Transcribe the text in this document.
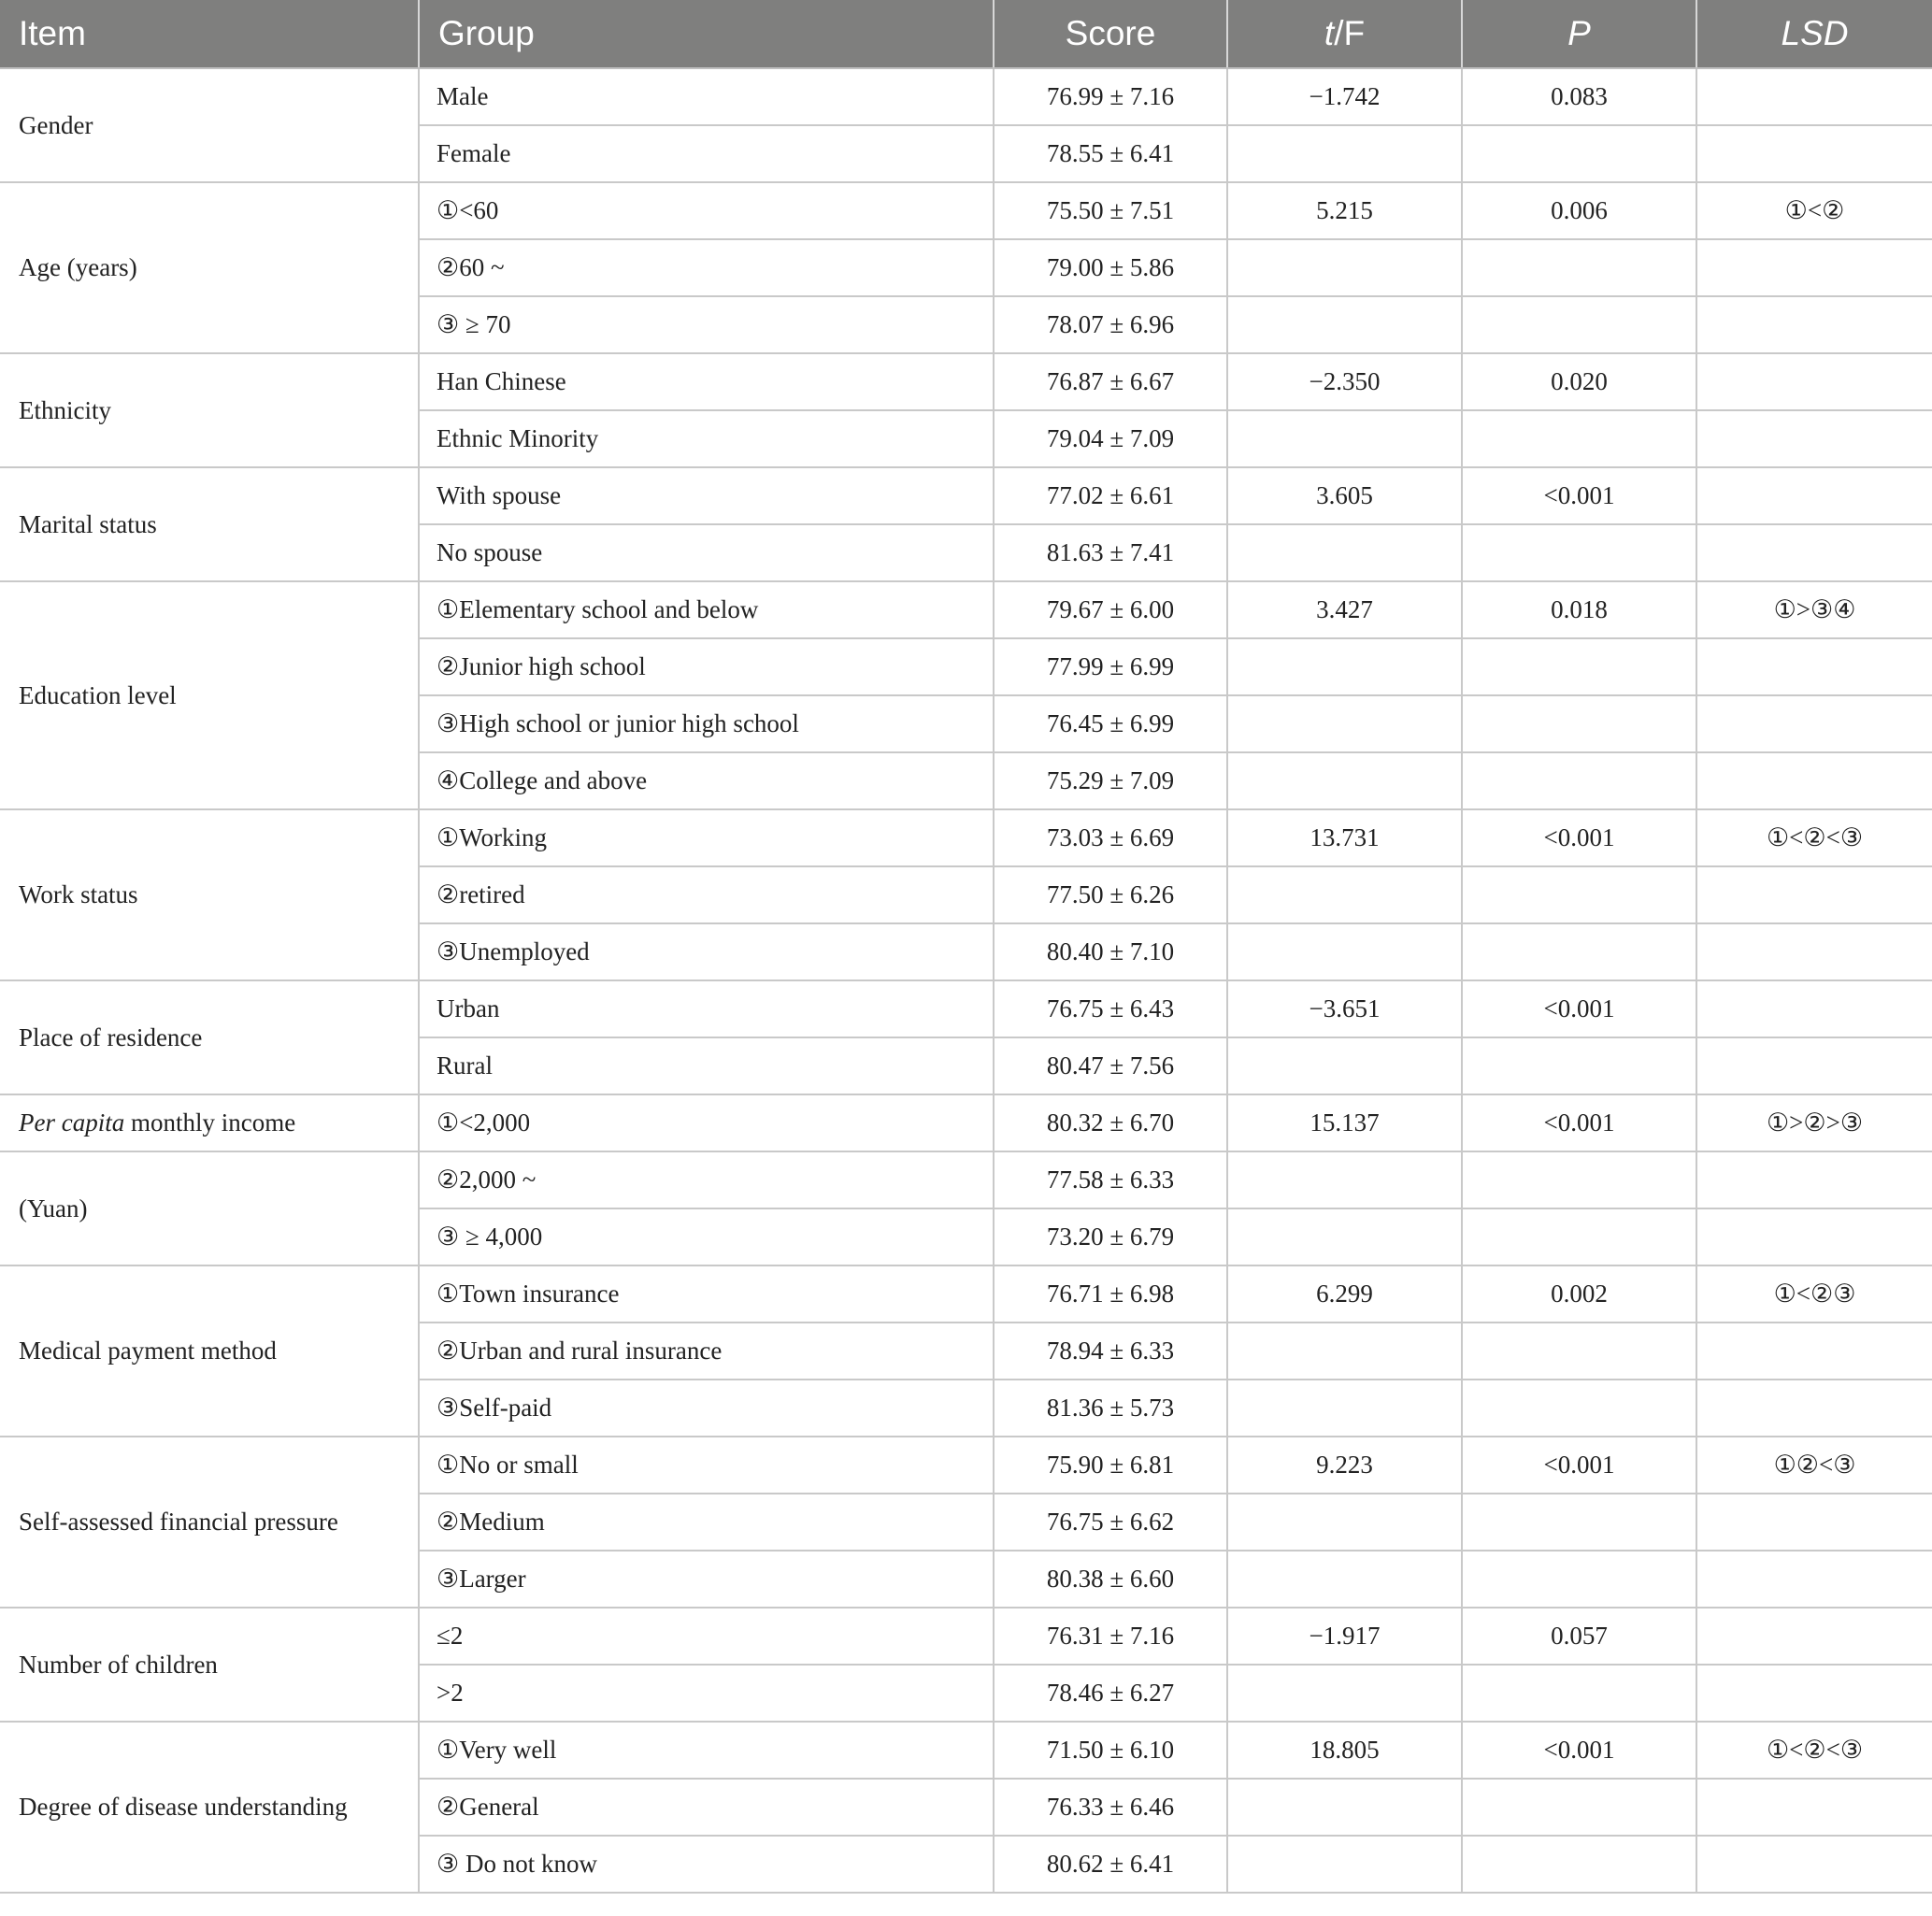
Item	Group	Score	t/F	P	LSD
Gender	Male	76.99 ± 7.16	−1.742	0.083	
	Female	78.55 ± 6.41			
Age (years)	①<60	75.50 ± 7.51	5.215	0.006	①<②
	②60 ~	79.00 ± 5.86			
	③ ≥ 70	78.07 ± 6.96			
Ethnicity	Han Chinese	76.87 ± 6.67	−2.350	0.020	
	Ethnic Minority	79.04 ± 7.09			
Marital status	With spouse	77.02 ± 6.61	3.605	<0.001	
	No spouse	81.63 ± 7.41			
Education level	①Elementary school and below	79.67 ± 6.00	3.427	0.018	①>③④
	②Junior high school	77.99 ± 6.99			
	③High school or junior high school	76.45 ± 6.99			
	④College and above	75.29 ± 7.09			
Work status	①Working	73.03 ± 6.69	13.731	<0.001	①<②<③
	②retired	77.50 ± 6.26			
	③Unemployed	80.40 ± 7.10			
Place of residence	Urban	76.75 ± 6.43	−3.651	<0.001	
	Rural	80.47 ± 7.56			
Per capita monthly income	①<2,000	80.32 ± 6.70	15.137	<0.001	①>②>③
(Yuan)	②2,000 ~	77.58 ± 6.33			
	③ ≥ 4,000	73.20 ± 6.79			
Medical payment method	①Town insurance	76.71 ± 6.98	6.299	0.002	①<②③
	②Urban and rural insurance	78.94 ± 6.33			
	③Self-paid	81.36 ± 5.73			
Self-assessed financial pressure	①No or small	75.90 ± 6.81	9.223	<0.001	①②<③
	②Medium	76.75 ± 6.62			
	③Larger	80.38 ± 6.60			
Number of children	≤2	76.31 ± 7.16	−1.917	0.057	
	>2	78.46 ± 6.27			
Degree of disease understanding	①Very well	71.50 ± 6.10	18.805	<0.001	①<②<③
	②General	76.33 ± 6.46			
	③ Do not know	80.62 ± 6.41			
